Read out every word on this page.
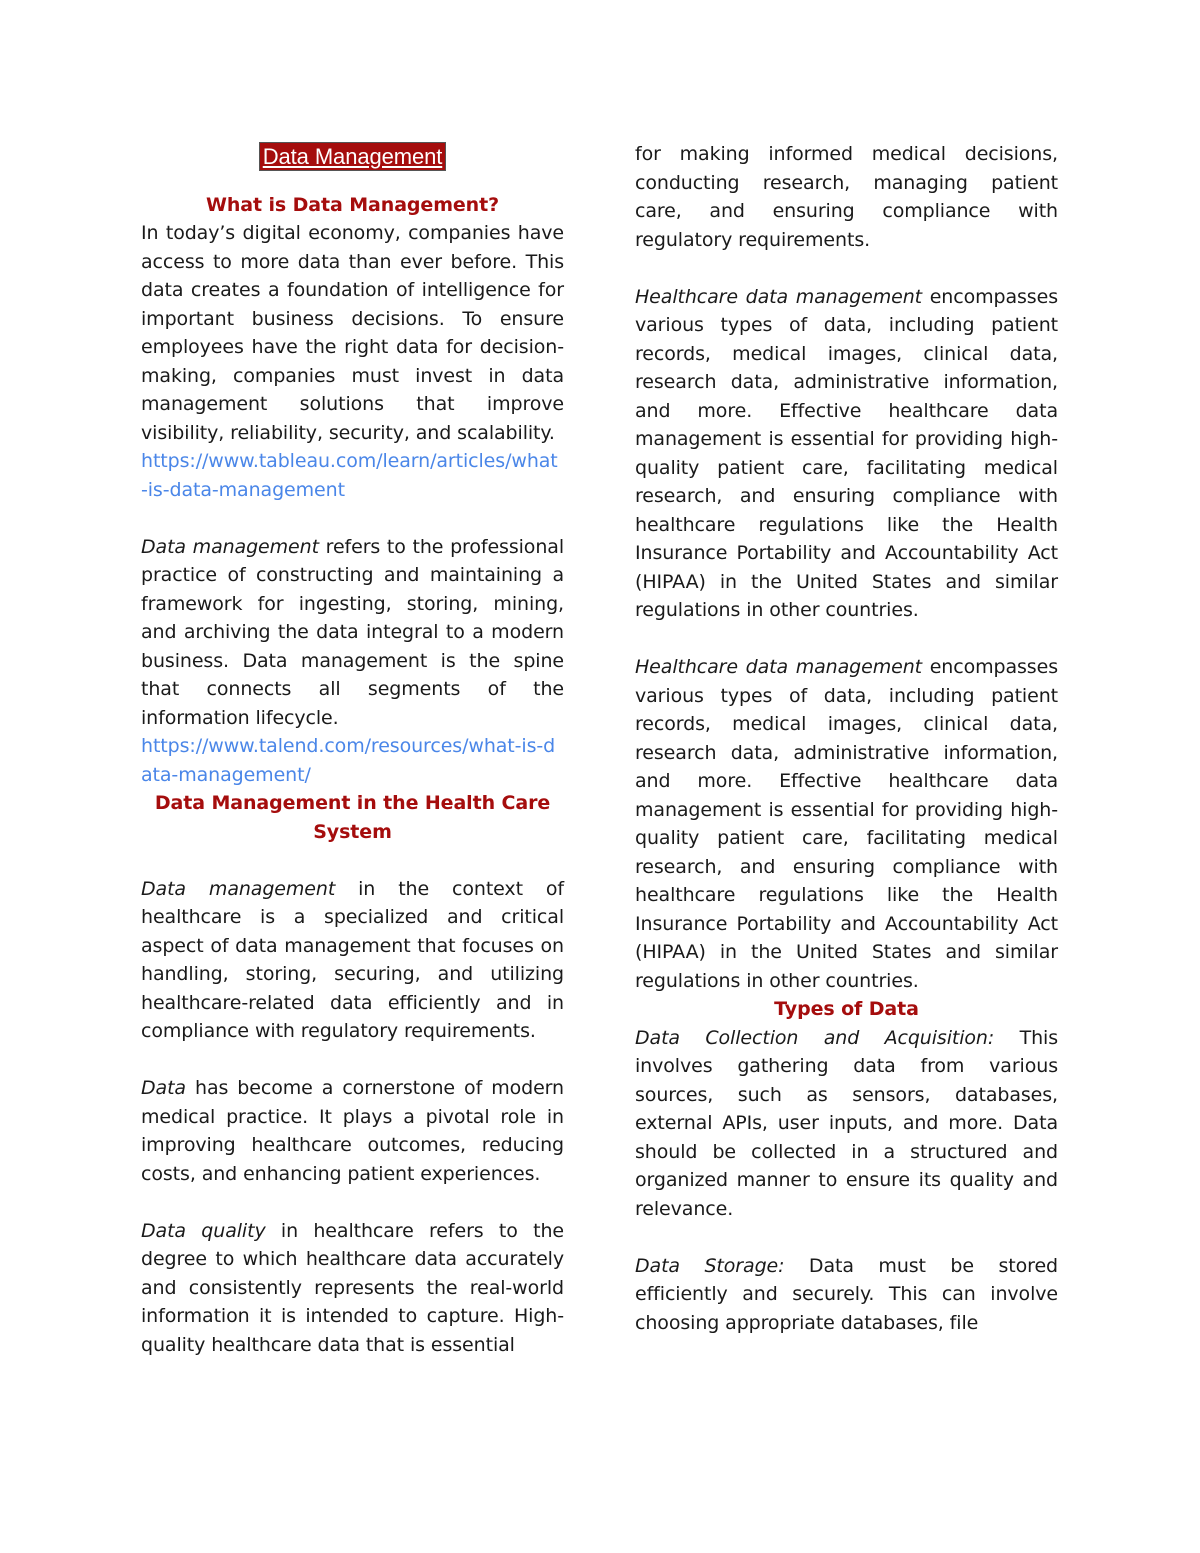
Data Management

What is Data Management?

In today’s digital economy, companies have access to more data than ever before. This data creates a foundation of intelligence for important business decisions. To ensure employees have the right data for decision-making, companies must invest in data management solutions that improve visibility, reliability, security, and scalability.
https://www.tableau.com/learn/articles/what-is-data-management

Data management refers to the professional practice of constructing and maintaining a framework for ingesting, storing, mining, and archiving the data integral to a modern business. Data management is the spine that connects all segments of the information lifecycle.
https://www.talend.com/resources/what-is-data-management/

Data Management in the Health Care System

Data management in the context of healthcare is a specialized and critical aspect of data management that focuses on handling, storing, securing, and utilizing healthcare-related data efficiently and in compliance with regulatory requirements.

Data has become a cornerstone of modern medical practice. It plays a pivotal role in improving healthcare outcomes, reducing costs, and enhancing patient experiences.

Data quality in healthcare refers to the degree to which healthcare data accurately and consistently represents the real-world information it is intended to capture. High-quality healthcare data that is essential

for making informed medical decisions, conducting research, managing patient care, and ensuring compliance with regulatory requirements.

Healthcare data management encompasses various types of data, including patient records, medical images, clinical data, research data, administrative information, and more. Effective healthcare data management is essential for providing high-quality patient care, facilitating medical research, and ensuring compliance with healthcare regulations like the Health Insurance Portability and Accountability Act (HIPAA) in the United States and similar regulations in other countries.

Healthcare data management encompasses various types of data, including patient records, medical images, clinical data, research data, administrative information, and more. Effective healthcare data management is essential for providing high-quality patient care, facilitating medical research, and ensuring compliance with healthcare regulations like the Health Insurance Portability and Accountability Act (HIPAA) in the United States and similar regulations in other countries.

Types of Data

Data Collection and Acquisition: This involves gathering data from various sources, such as sensors, databases, external APIs, user inputs, and more. Data should be collected in a structured and organized manner to ensure its quality and relevance.

Data Storage: Data must be stored efficiently and securely. This can involve choosing appropriate databases, file
